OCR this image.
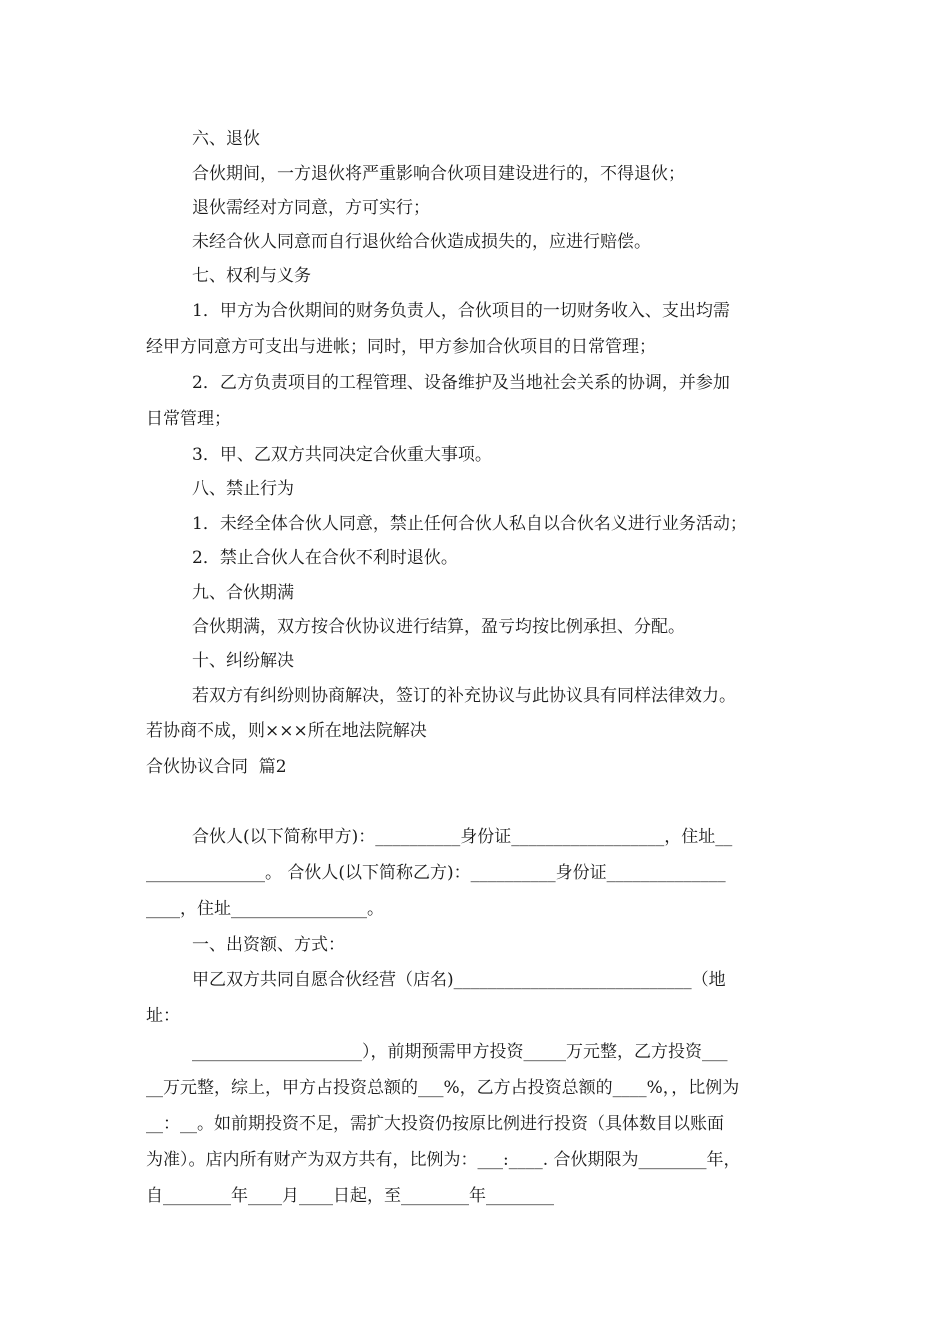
六、退伙
合伙期间，一方退伙将严重影响合伙项目建设进行的，不得退伙；
退伙需经对方同意，方可实行；
未经合伙人同意而自行退伙给合伙造成损失的，应进行赔偿。
七、权利与义务
1．甲方为合伙期间的财务负责人，合伙项目的一切财务收入、支出均需
经甲方同意方可支出与进帐；同时，甲方参加合伙项目的日常管理；
2．乙方负责项目的工程管理、设备维护及当地社会关系的协调，并参加
日常管理；
3．甲、乙双方共同决定合伙重大事项。
八、禁止行为
1．未经全体合伙人同意，禁止任何合伙人私自以合伙名义进行业务活动；
2．禁止合伙人在合伙不利时退伙。
九、合伙期满
合伙期满，双方按合伙协议进行结算，盈亏均按比例承担、分配。
十、纠纷解决
若双方有纠纷则协商解决，签订的补充协议与此协议具有同样法律效力。
若协商不成，则×××所在地法院解决
合伙协议合同  篇2
合伙人(以下简称甲方)：__________身份证__________________，住址__
______________。 合伙人(以下简称乙方)：__________身份证______________
____，住址________________。
一、出资额、方式：
甲乙双方共同自愿合伙经营（店名)____________________________（地
址：
____________________），前期预需甲方投资_____万元整，乙方投资___
__万元整，综上，甲方占投资总额的___%，乙方占投资总额的____%，，比例为
__：__。如前期投资不足，需扩大投资仍按原比例进行投资（具体数目以账面
为准）。店内所有财产为双方共有，比例为：___:____. 合伙期限为________年，
自________年____月____日起，至________年________
